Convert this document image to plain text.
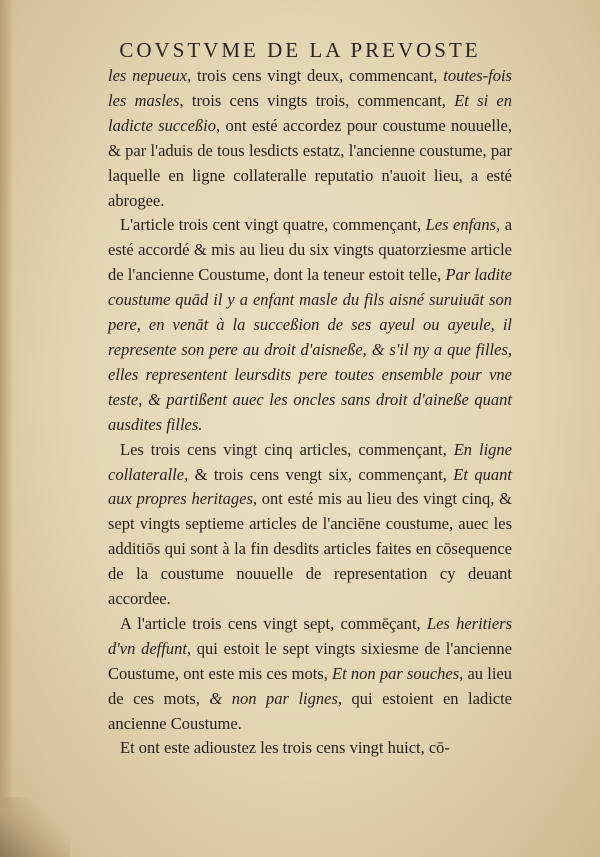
COVSTVME DE LA PREVOSTE

les nepueux, trois cens vingt deux, commencant, toutes-fois les masles, trois cens vingts trois, commencant, Et si en ladicte succeßio, ont esté accordez pour coustume nouuelle, & par l'aduis de tous lesdicts estatz, l'ancienne coustume, par laquelle en ligne collateralle reputatio n'auoit lieu, a esté abrogee.

L'article trois cent vingt quatre, commençant, Les enfans, a esté accordé & mis au lieu du six vingts quatorziesme article de l'ancienne Coustume, dont la teneur estoit telle, Par ladite coustume quād il y a enfant masle du fils aisné suruiuāt son pere, en venāt à la succeßion de ses ayeul ou ayeule, il represente son pere au droit d'aisneße, & s'il ny a que filles, elles representent leursdits pere toutes ensemble pour vne teste, & partißent auec les oncles sans droit d'aineße quant ausdites filles.

Les trois cens vingt cinq articles, commençant, En ligne collateralle, & trois cens vengt six, commençant, Et quant aux propres heritages, ont esté mis au lieu des vingt cinq, & sept vingts septieme articles de l'anciēne coustume, auec les additiōs qui sont à la fin desdits articles faites en cōsequence de la coustume nouuelle de representation cy deuant accordee.

A l'article trois cens vingt sept, commēçant, Les heritiers d'vn deffunt, qui estoit le sept vingts sixiesme de l'ancienne Coustume, ont este mis ces mots, Et non par souches, au lieu de ces mots, & non par lignes, qui estoient en ladicte ancienne Coustume.

Et ont este adioustez les trois cens vingt huict, cō-
